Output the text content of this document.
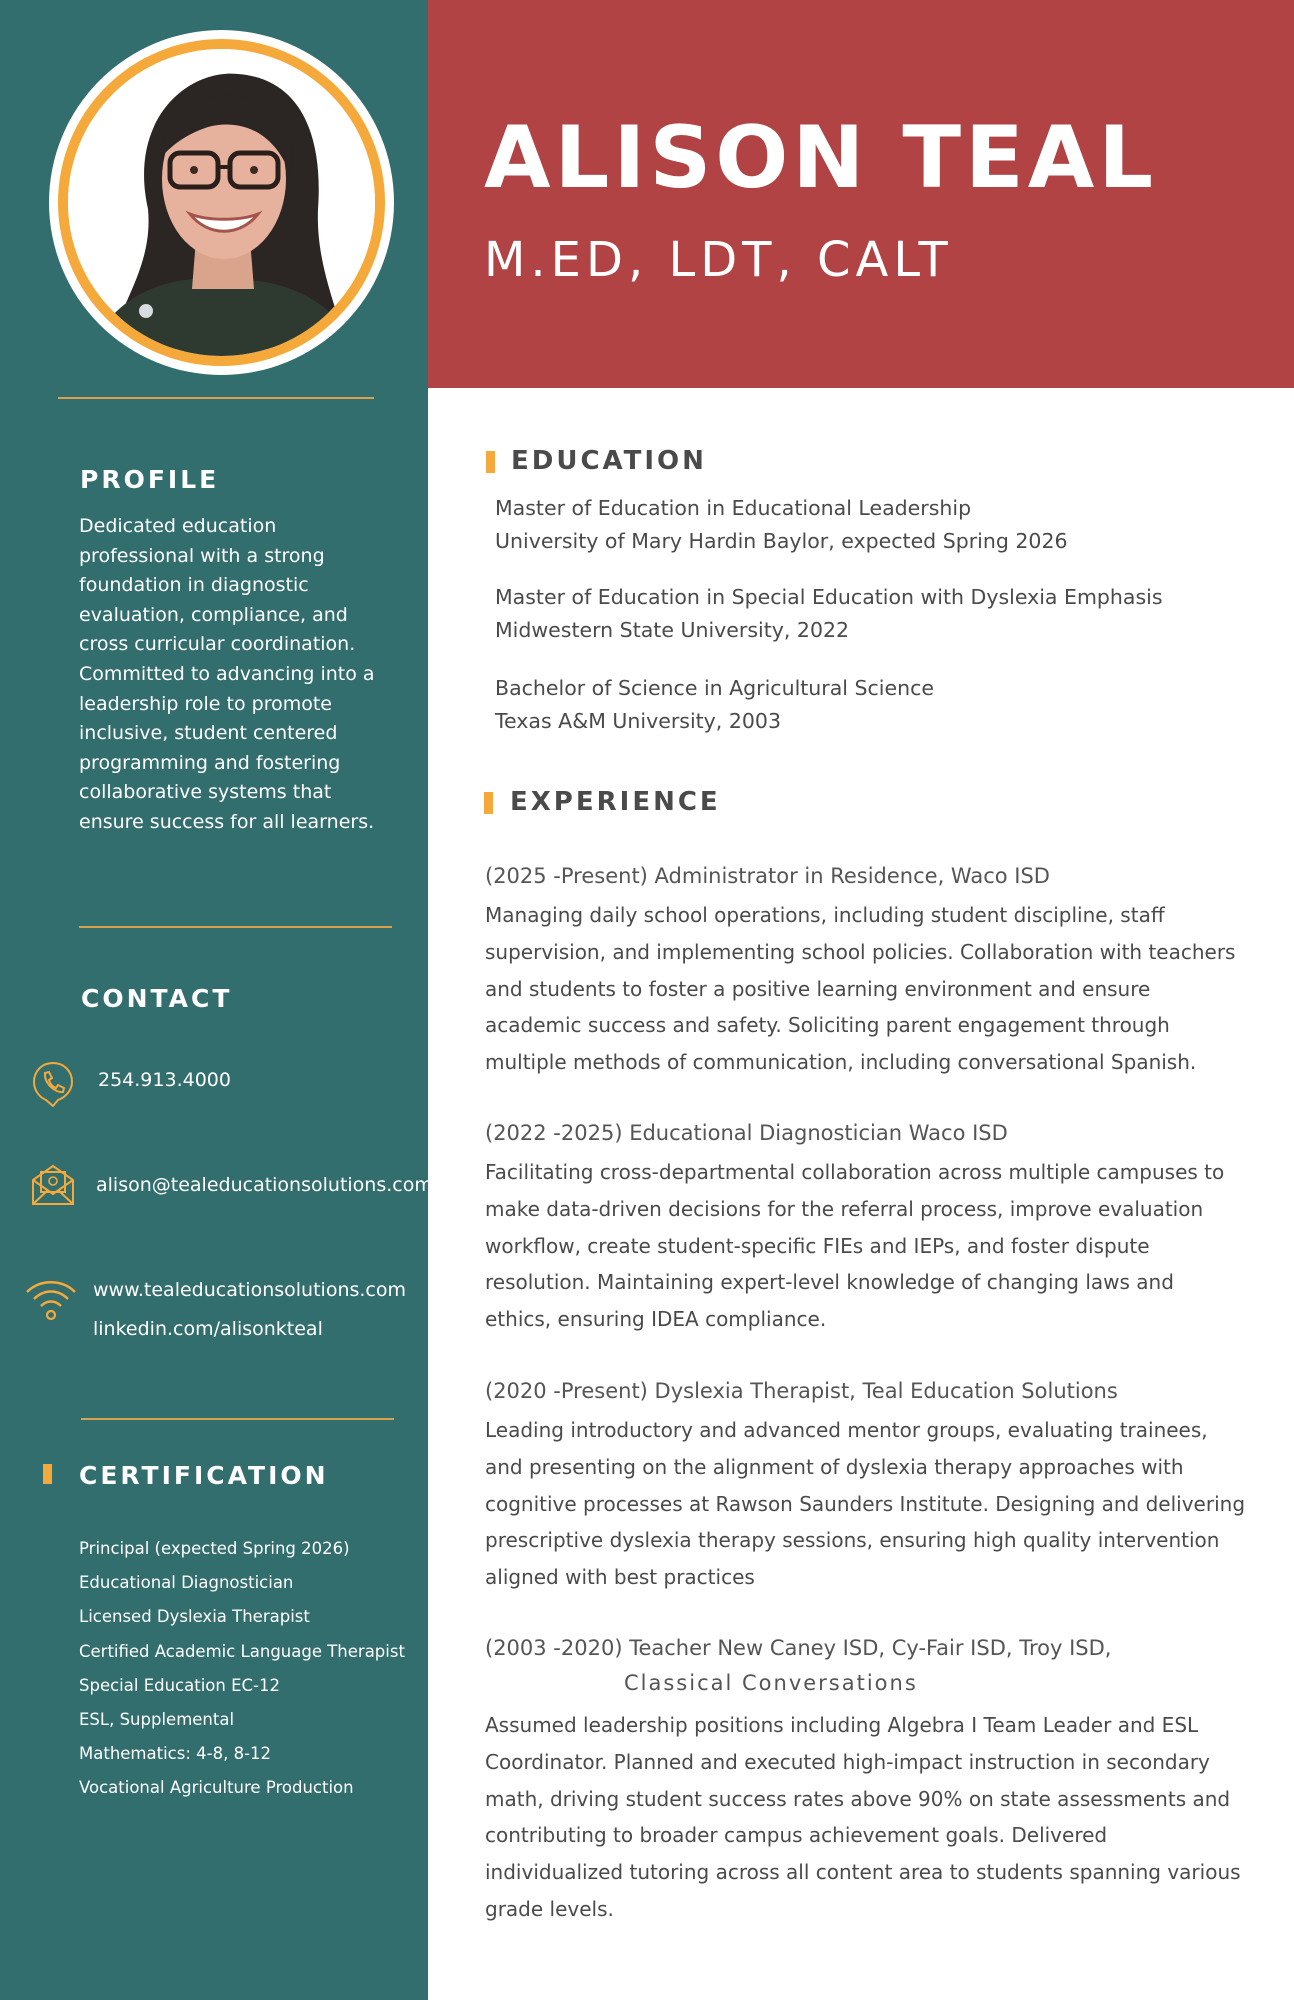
PROFILE

Dedicated education professional with a strong foundation in diagnostic evaluation, compliance, and cross curricular coordination. Committed to advancing into a leadership role to promote inclusive, student centered programming and fostering collaborative systems that ensure success for all learners.

CONTACT
254.913.4000
alison@tealeducationsolutions.com
www.tealeducationsolutions.com
linkedin.com/alisonkteal
CERTIFICATION
Principal (expected Spring 2026)
Educational Diagnostician
Licensed Dyslexia Therapist
Certified Academic Language Therapist
Special Education EC-12
ESL, Supplemental
Mathematics: 4-8, 8-12
Vocational Agriculture Production
ALISON TEAL

M.ED, LDT, CALT

EDUCATION

Master of Education in Educational Leadership
University of Mary Hardin Baylor, expected Spring 2026

Master of Education in Special Education with Dyslexia Emphasis
Midwestern State University, 2022

Bachelor of Science in Agricultural Science
Texas A&M University, 2003

EXPERIENCE

(2025 -Present) Administrator in Residence, Waco ISD

Managing daily school operations, including student discipline, staff supervision, and implementing school policies. Collaboration with teachers and students to foster a positive learning environment and ensure academic success and safety. Soliciting parent engagement through multiple methods of communication, including conversational Spanish.

(2022 -2025) Educational Diagnostician Waco ISD

Facilitating cross-departmental collaboration across multiple campuses to make data-driven decisions for the referral process, improve evaluation workflow, create student-specific FIEs and IEPs, and foster dispute resolution. Maintaining expert-level knowledge of changing laws and ethics, ensuring IDEA compliance.

(2020 -Present) Dyslexia Therapist, Teal Education Solutions

Leading introductory and advanced mentor groups, evaluating trainees, and presenting on the alignment of dyslexia therapy approaches with cognitive processes at Rawson Saunders Institute. Designing and delivering prescriptive dyslexia therapy sessions, ensuring high quality intervention aligned with best practices

(2003 -2020) Teacher New Caney ISD, Cy-Fair ISD, Troy ISD,

Classical Conversations

Assumed leadership positions including Algebra I Team Leader and ESL Coordinator. Planned and executed high-impact instruction in secondary math, driving student success rates above 90% on state assessments and contributing to broader campus achievement goals. Delivered individualized tutoring across all content area to students spanning various grade levels.
